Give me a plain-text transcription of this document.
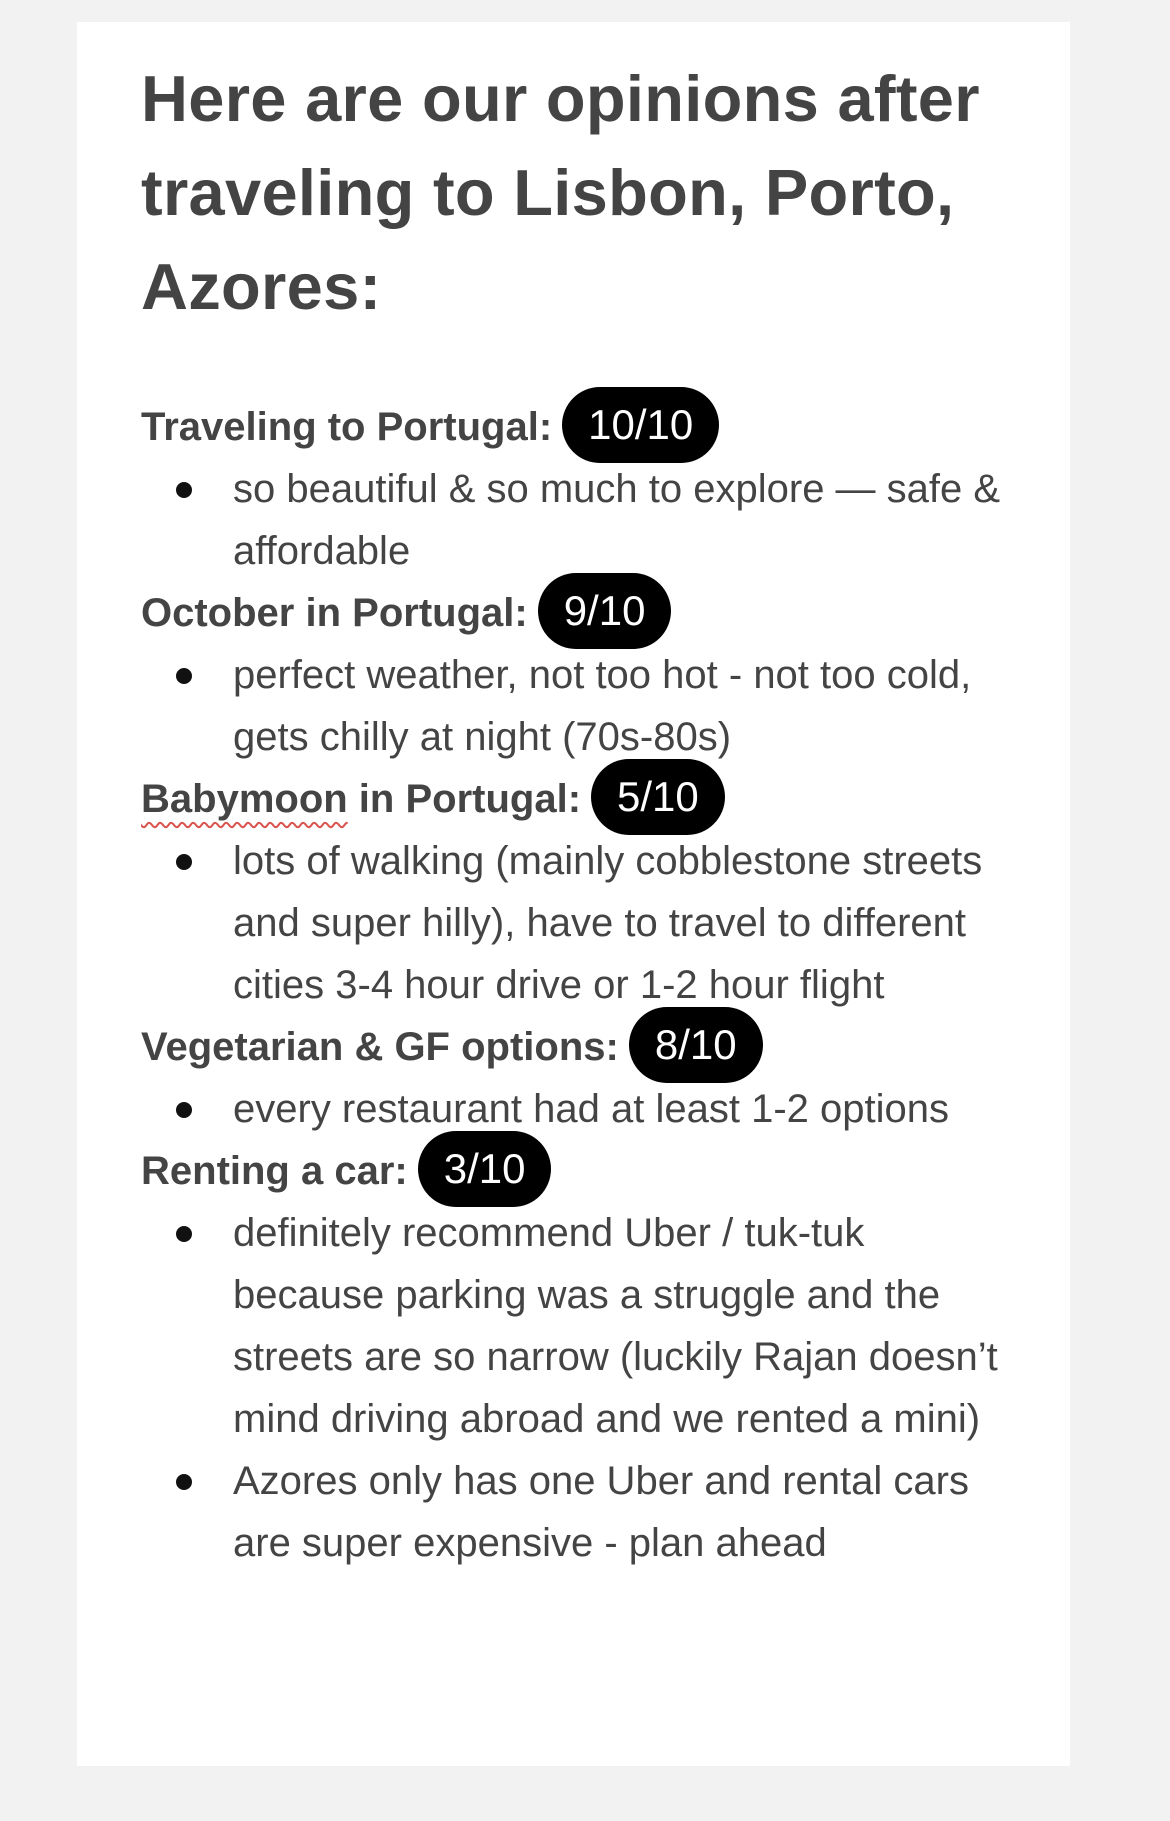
Here are our opinions after traveling to Lisbon, Porto, Azores:
Traveling to Portugal: 10/10
so beautiful & so much to explore — safe & affordable
October in Portugal: 9/10
perfect weather, not too hot - not too cold, gets chilly at night (70s-80s)
Babymoon in Portugal: 5/10
lots of walking (mainly cobblestone streets and super hilly), have to travel to different cities 3-4 hour drive or 1-2 hour flight
Vegetarian & GF options: 8/10
every restaurant had at least 1-2 options
Renting a car: 3/10
definitely recommend Uber / tuk-tuk because parking was a struggle and the streets are so narrow (luckily Rajan doesn’t mind driving abroad and we rented a mini)
Azores only has one Uber and rental cars are super expensive - plan ahead
